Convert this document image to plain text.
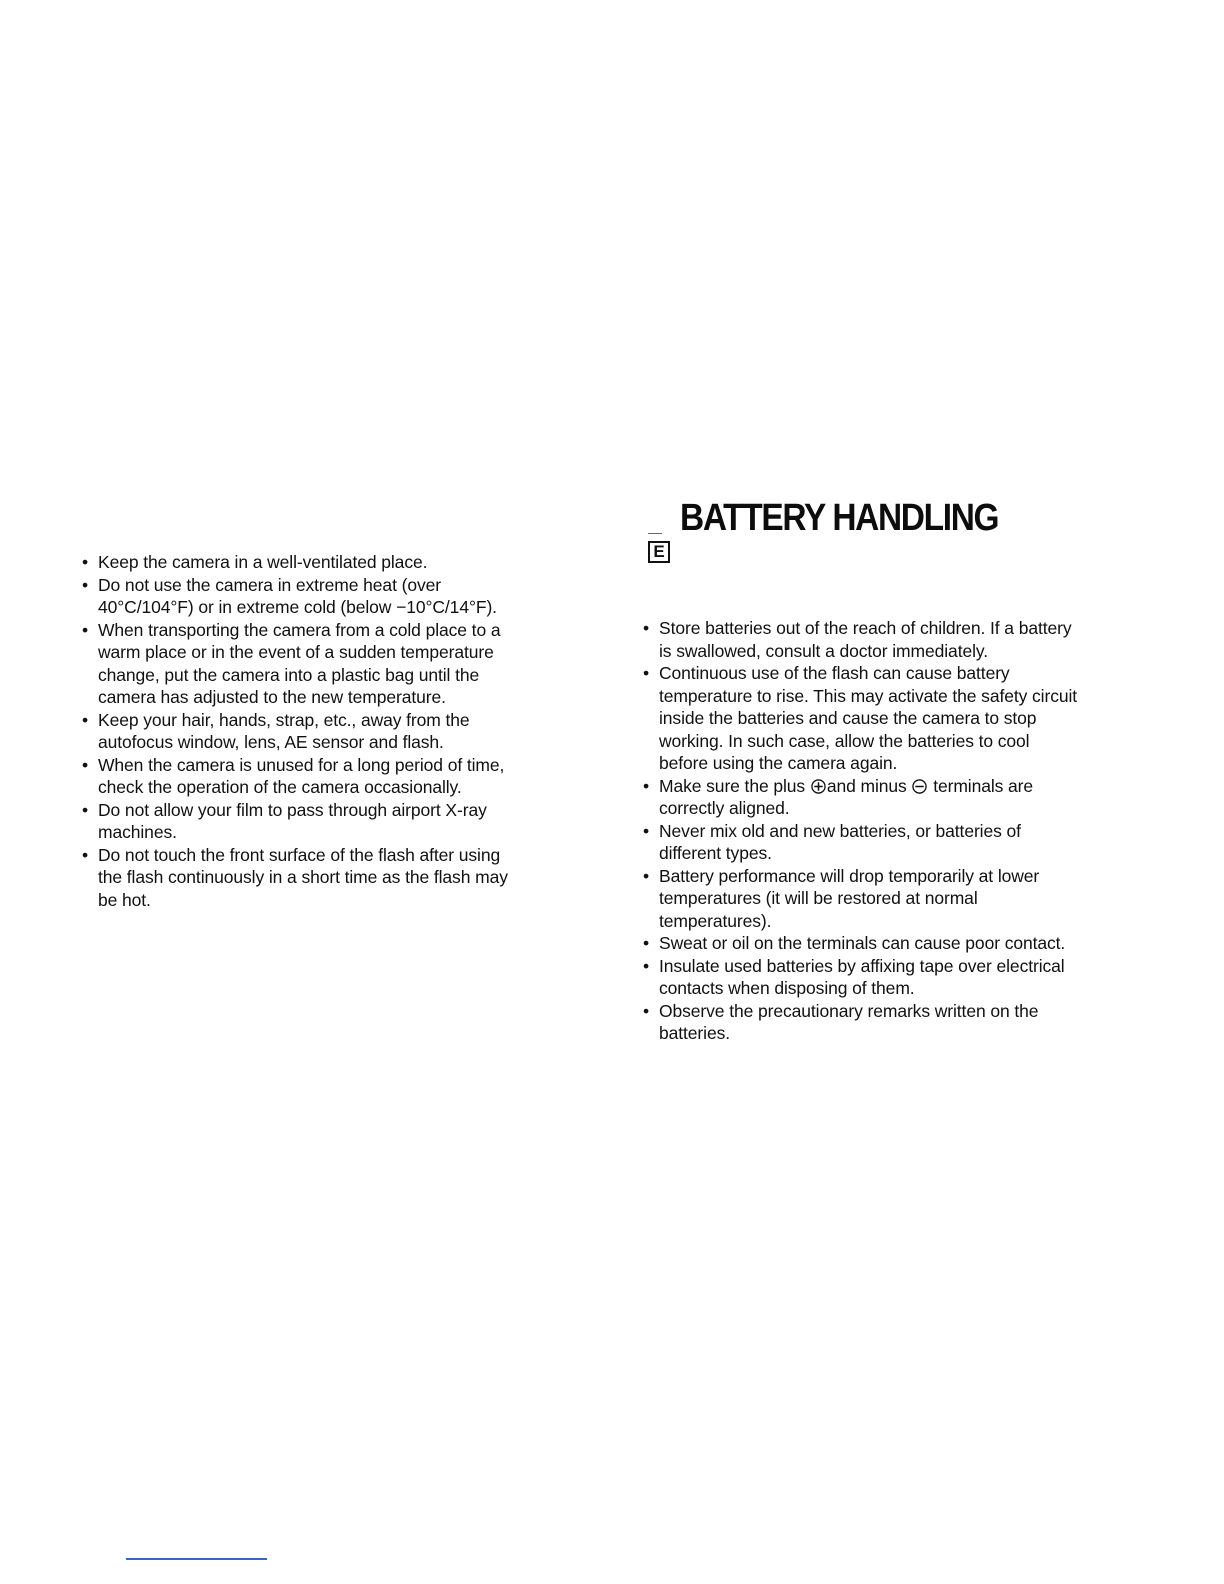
• Keep the camera in a well-ventilated place.
• Do not use the camera in extreme heat (over 40°C/104°F) or in extreme cold (below −10°C/14°F).
• When transporting the camera from a cold place to a warm place or in the event of a sudden temperature change, put the camera into a plastic bag until the camera has adjusted to the new temperature.
• Keep your hair, hands, strap, etc., away from the autofocus window, lens, AE sensor and flash.
• When the camera is unused for a long period of time, check the operation of the camera occasionally.
• Do not allow your film to pass through airport X-ray machines.
• Do not touch the front surface of the flash after using the flash continuously in a short time as the flash may be hot.
E
BATTERY HANDLING
• Store batteries out of the reach of children. If a battery is swallowed, consult a doctor immediately.
• Continuous use of the flash can cause battery temperature to rise. This may activate the safety circuit inside the batteries and cause the camera to stop working. In such case, allow the batteries to cool before using the camera again.
• Make sure the plus and minus  terminals are correctly aligned.
• Never mix old and new batteries, or batteries of different types.
• Battery performance will drop temporarily at lower temperatures (it will be restored at normal temperatures).
• Sweat or oil on the terminals can cause poor contact.
• Insulate used batteries by affixing tape over electrical contacts when disposing of them.
• Observe the precautionary remarks written on the batteries.
